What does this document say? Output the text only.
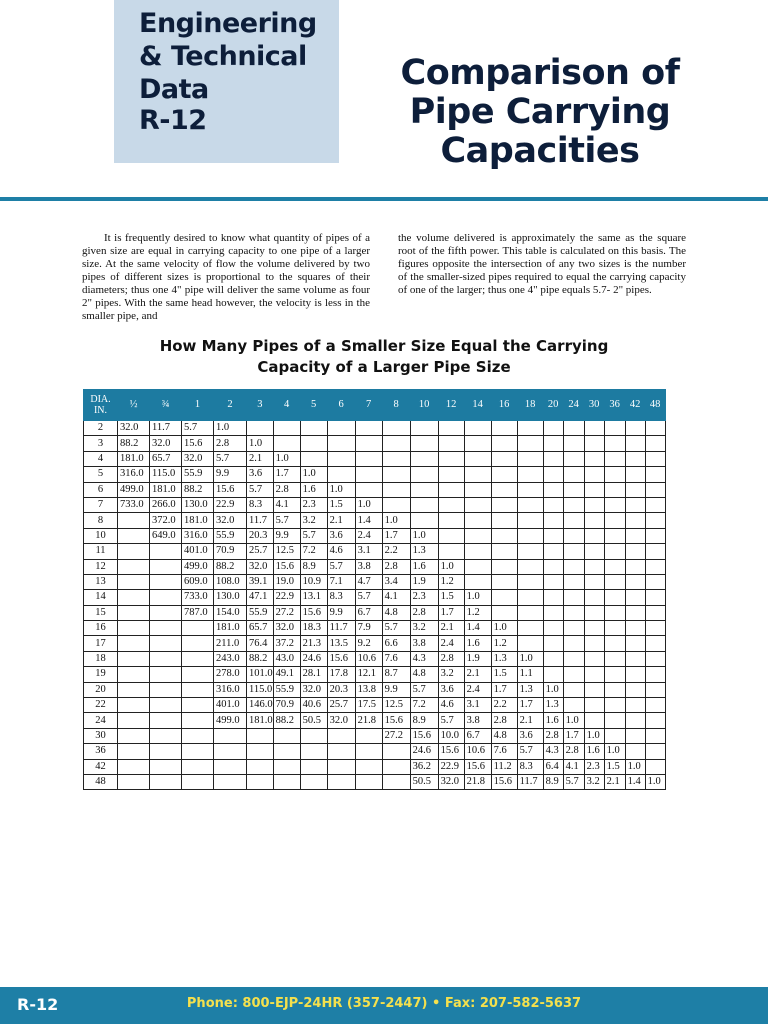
Engineering
& Technical
Data
R-12
Comparison of
Pipe Carrying
Capacities
It is frequently desired to know what quantity of pipes of a given size are equal in carrying capacity to one pipe of a larger size. At the same velocity of flow the volume delivered by two pipes of different sizes is proportional to the squares of their diameters; thus one 4" pipe will deliver the same volume as four 2" pipes. With the same head however, the velocity is less in the smaller pipe, and
the volume delivered is approximately the same as the square root of the fifth power. This table is calculated on this basis. The figures opposite the intersection of any two sizes is the number of the smaller-sized pipes required to equal the carrying capacity of one of the larger; thus one 4" pipe equals 5.7- 2" pipes.
How Many Pipes of a Smaller Size Equal the Carrying
Capacity of a Larger Pipe Size
DIA.
IN.	½	¾	1	2	3	4	5	6	7	8	10	12	14	16	18	20	24	30	36	42	48
2	32.0	11.7	5.7	1.0																	
3	88.2	32.0	15.6	2.8	1.0																
4	181.0	65.7	32.0	5.7	2.1	1.0															
5	316.0	115.0	55.9	9.9	3.6	1.7	1.0														
6	499.0	181.0	88.2	15.6	5.7	2.8	1.6	1.0													
7	733.0	266.0	130.0	22.9	8.3	4.1	2.3	1.5	1.0												
8		372.0	181.0	32.0	11.7	5.7	3.2	2.1	1.4	1.0											
10		649.0	316.0	55.9	20.3	9.9	5.7	3.6	2.4	1.7	1.0										
11			401.0	70.9	25.7	12.5	7.2	4.6	3.1	2.2	1.3										
12			499.0	88.2	32.0	15.6	8.9	5.7	3.8	2.8	1.6	1.0									
13			609.0	108.0	39.1	19.0	10.9	7.1	4.7	3.4	1.9	1.2									
14			733.0	130.0	47.1	22.9	13.1	8.3	5.7	4.1	2.3	1.5	1.0								
15			787.0	154.0	55.9	27.2	15.6	9.9	6.7	4.8	2.8	1.7	1.2								
16				181.0	65.7	32.0	18.3	11.7	7.9	5.7	3.2	2.1	1.4	1.0							
17				211.0	76.4	37.2	21.3	13.5	9.2	6.6	3.8	2.4	1.6	1.2							
18				243.0	88.2	43.0	24.6	15.6	10.6	7.6	4.3	2.8	1.9	1.3	1.0						
19				278.0	101.0	49.1	28.1	17.8	12.1	8.7	4.8	3.2	2.1	1.5	1.1						
20				316.0	115.0	55.9	32.0	20.3	13.8	9.9	5.7	3.6	2.4	1.7	1.3	1.0					
22				401.0	146.0	70.9	40.6	25.7	17.5	12.5	7.2	4.6	3.1	2.2	1.7	1.3					
24				499.0	181.0	88.2	50.5	32.0	21.8	15.6	8.9	5.7	3.8	2.8	2.1	1.6	1.0				
30										27.2	15.6	10.0	6.7	4.8	3.6	2.8	1.7	1.0			
36											24.6	15.6	10.6	7.6	5.7	4.3	2.8	1.6	1.0		
42											36.2	22.9	15.6	11.2	8.3	6.4	4.1	2.3	1.5	1.0	
48											50.5	32.0	21.8	15.6	11.7	8.9	5.7	3.2	2.1	1.4	1.0
R-12	Phone: 800-EJP-24HR (357-2447) • Fax: 207-582-5637
